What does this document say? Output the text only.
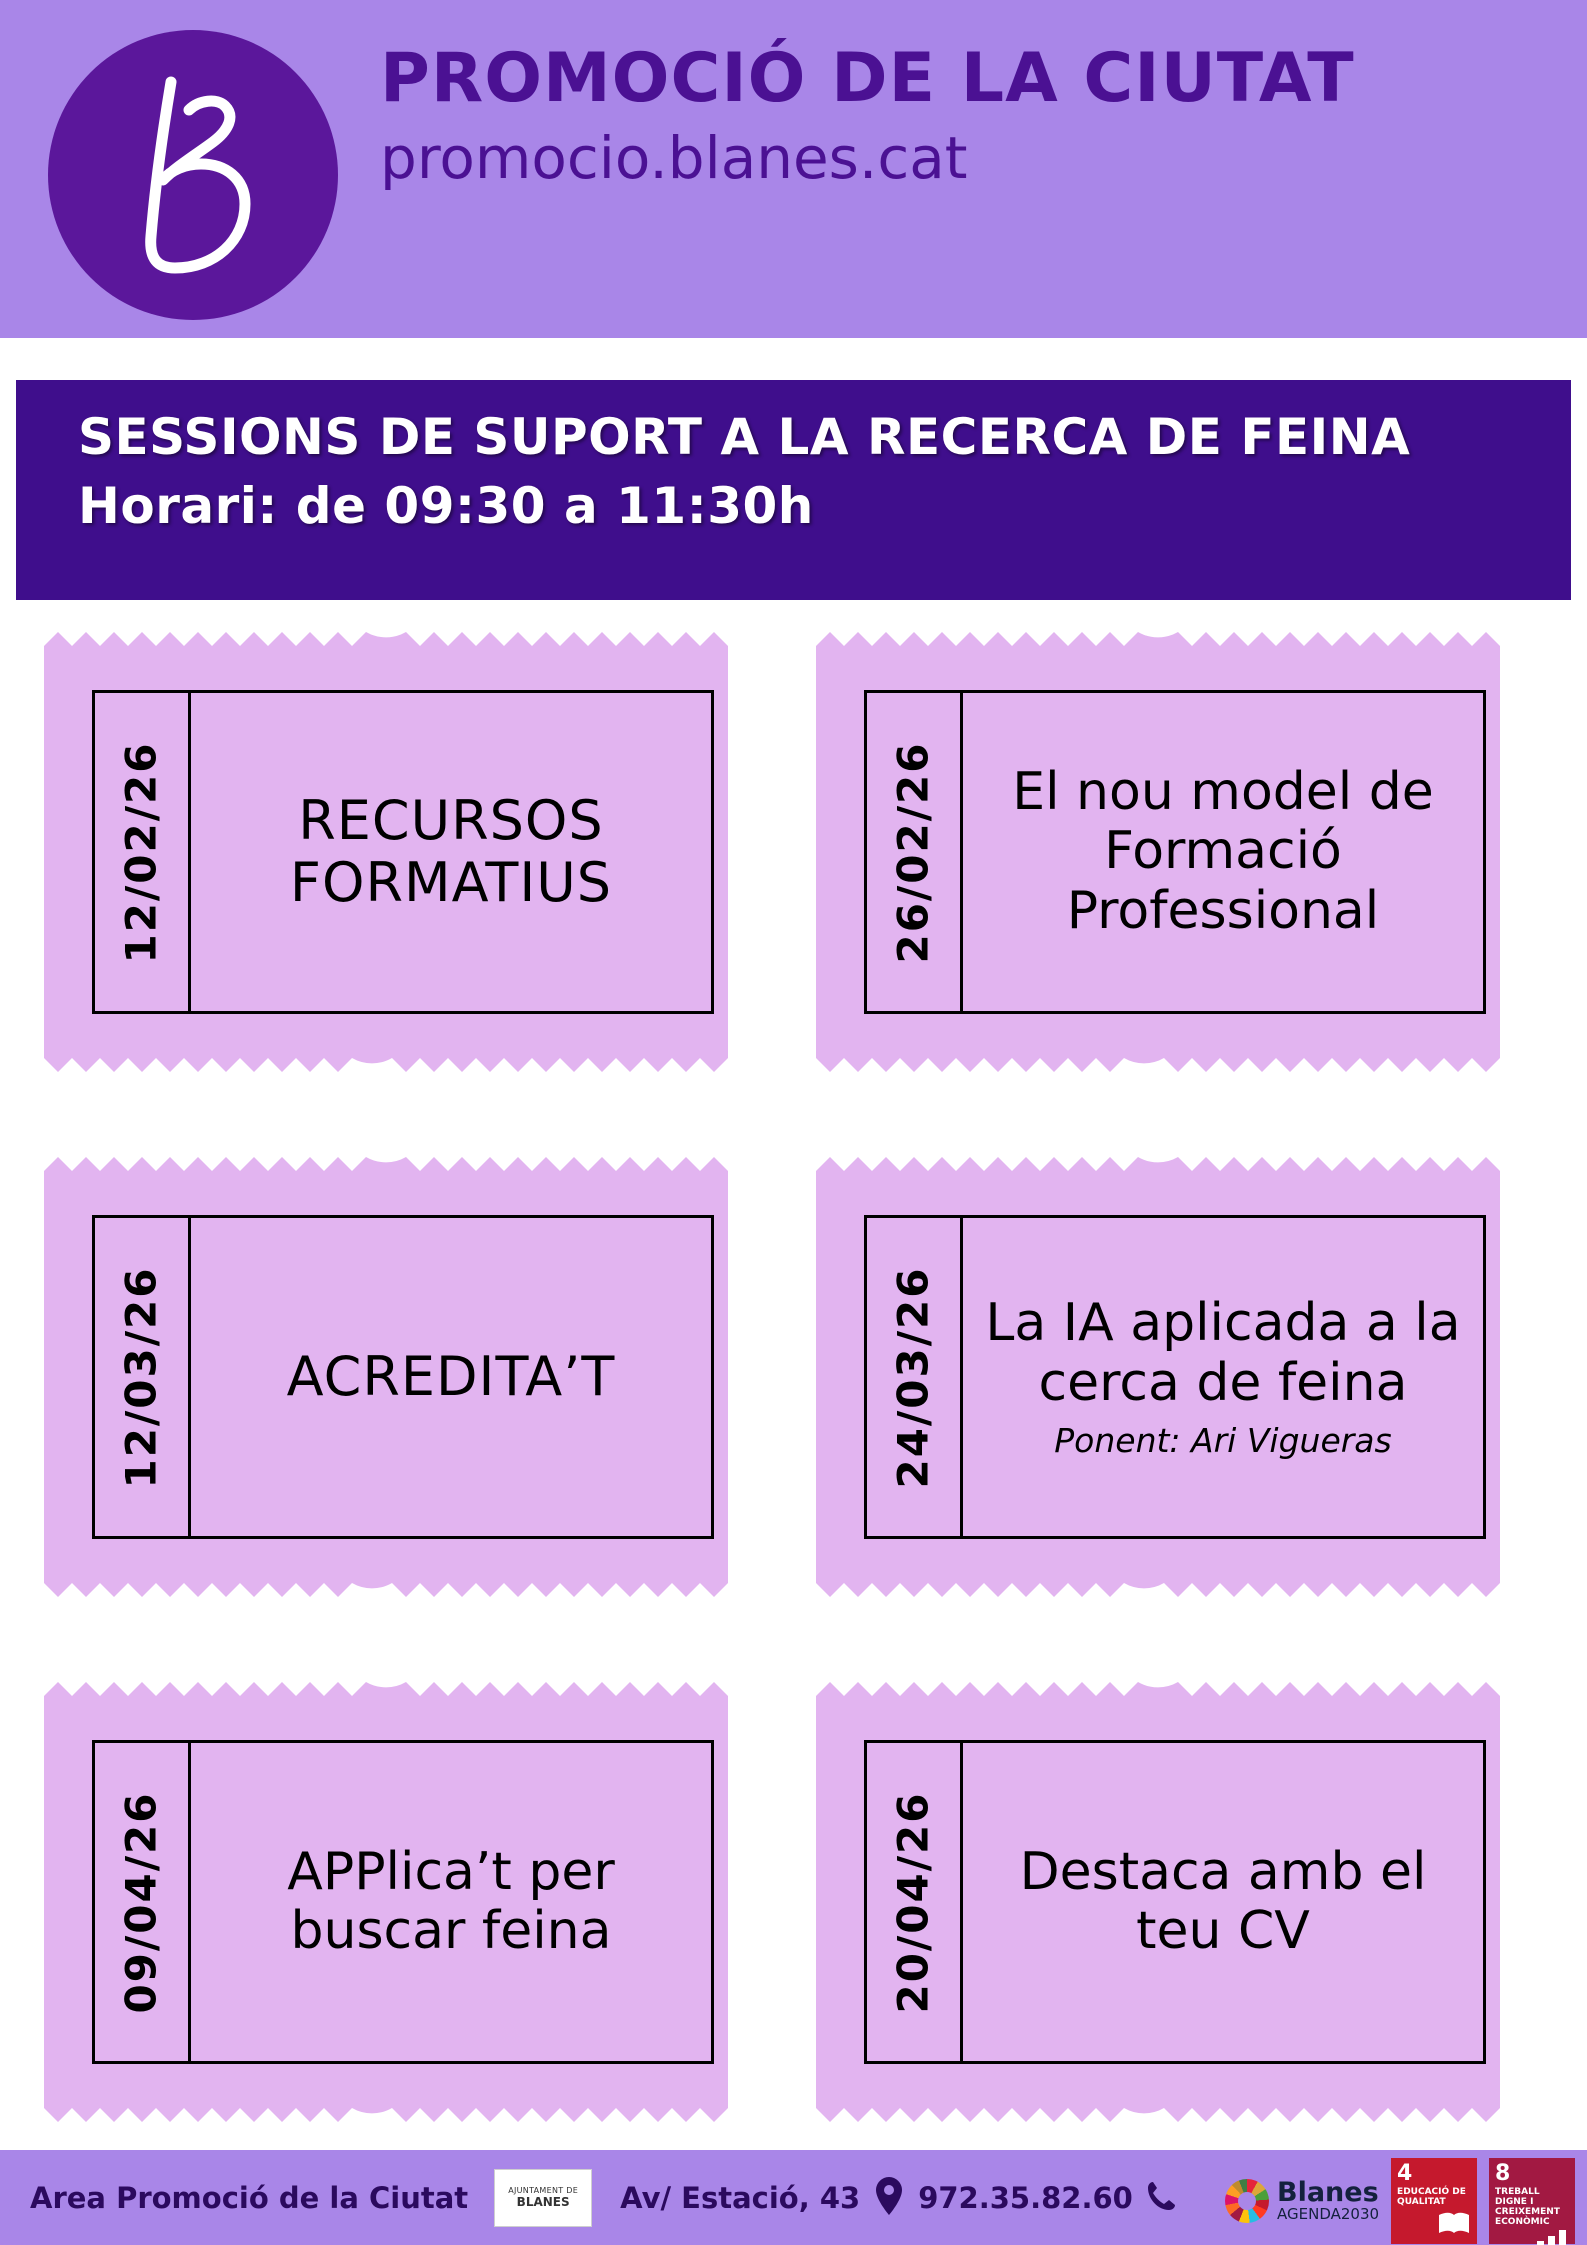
PROMOCIÓ DE LA CIUTAT
promocio.blanes.cat
SESSIONS DE SUPORT A LA RECERCA DE FEINA
Horari: de 09:30 a 11:30h
12/02/26	RECURSOS FORMATIUS	26/02/26	El nou model de Formació Professional
12/03/26 ACREDITA’T	24/03/26 La IA aplicada a la cerca de feina
Ponent: Ari Vigueras
09/04/26	APPlica’t per buscar feina	20/04/26	Destaca amb el teu CV
Area Promoció de la Ciutat	AJUNTAMENT DE
BLANES Av/ Estació, 43 972.35.82.60	Blanes
AGENDA2030
4
EDUCACIÓ DE QUALITAT
8
TREBALL DIGNE I CREIXEMENT ECONÒMIC
